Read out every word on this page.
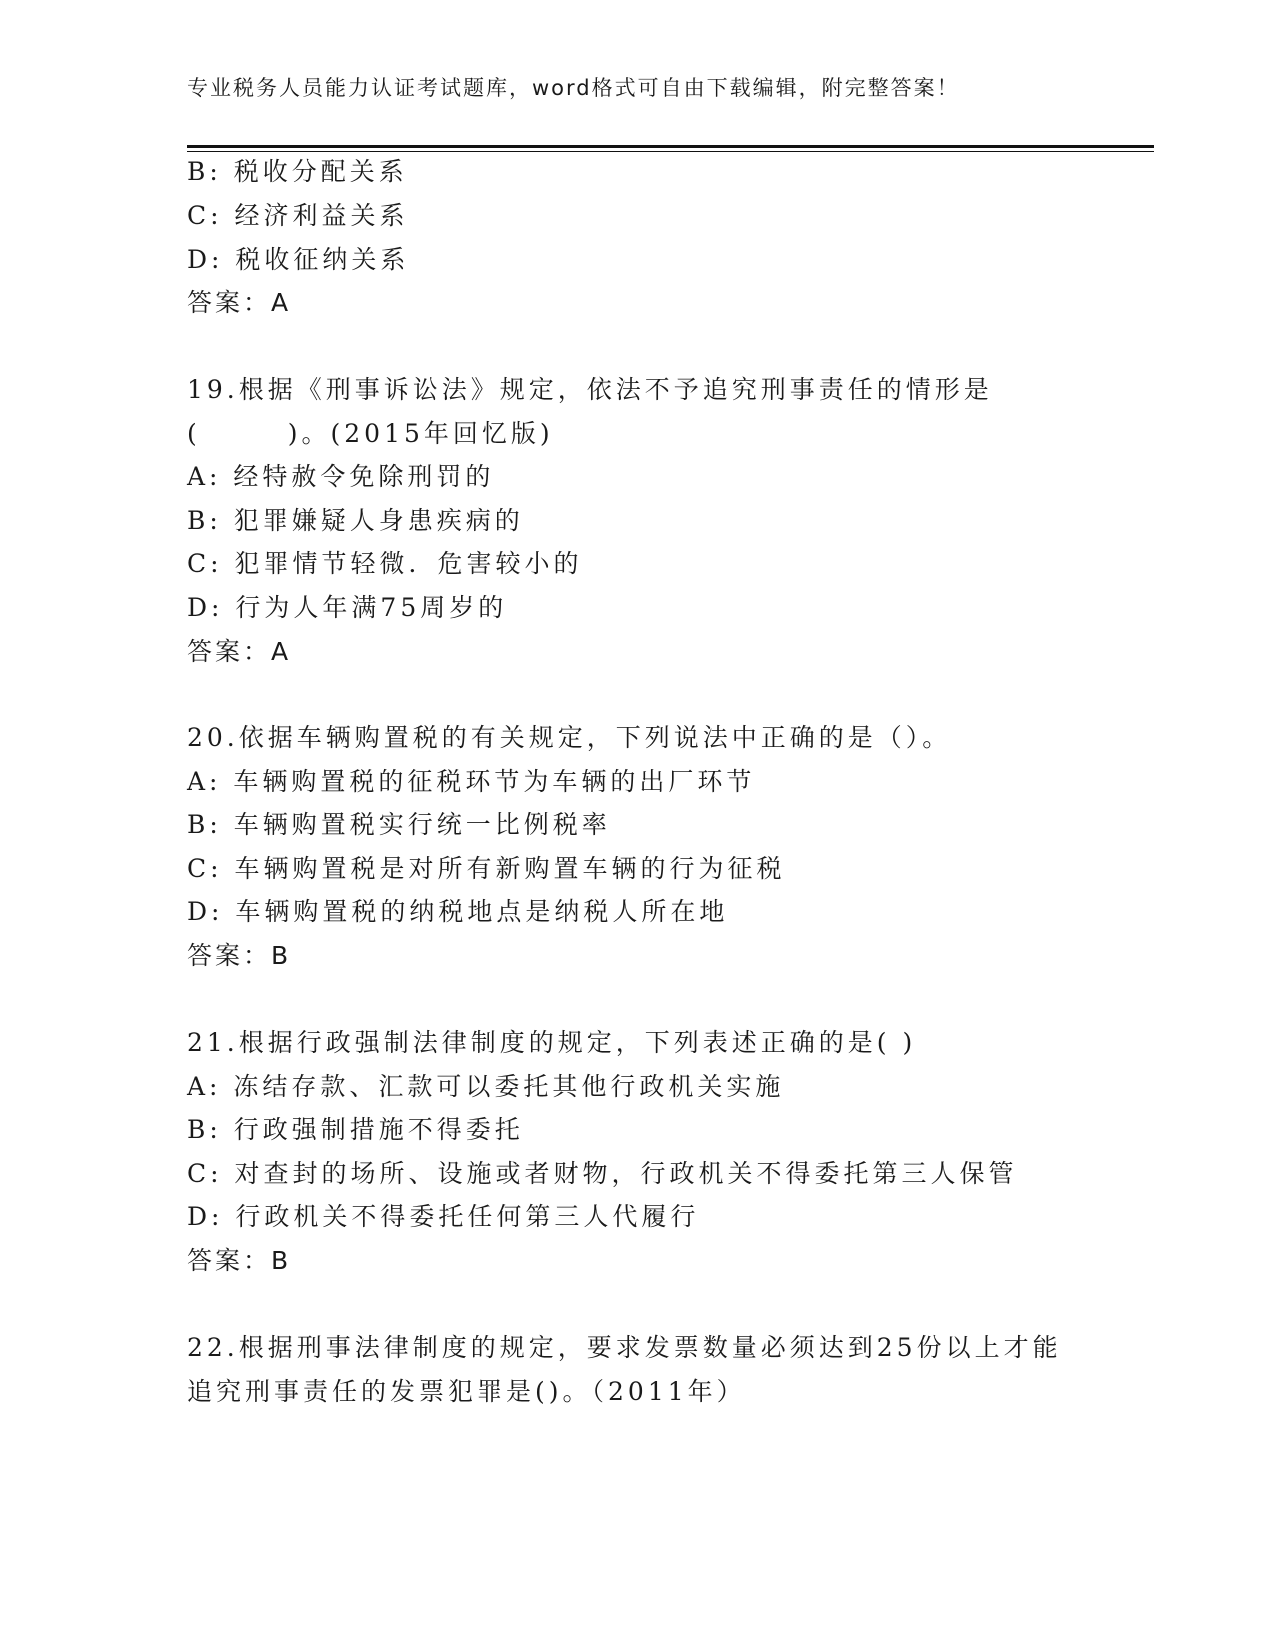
专业税务人员能力认证考试题库，word格式可自由下载编辑，附完整答案！
B: 税收分配关系
C: 经济利益关系
D: 税收征纳关系
答案：A
19.根据《刑事诉讼法》规定，依法不予追究刑事责任的情形是
(　　　)。(2015年回忆版)
A: 经特赦令免除刑罚的
B: 犯罪嫌疑人身患疾病的
C: 犯罪情节轻微．危害较小的
D: 行为人年满75周岁的
答案：A
20.依据车辆购置税的有关规定，下列说法中正确的是（）。
A: 车辆购置税的征税环节为车辆的出厂环节
B: 车辆购置税实行统一比例税率
C: 车辆购置税是对所有新购置车辆的行为征税
D: 车辆购置税的纳税地点是纳税人所在地
答案：B
21.根据行政强制法律制度的规定，下列表述正确的是( )
A: 冻结存款、汇款可以委托其他行政机关实施
B: 行政强制措施不得委托
C: 对查封的场所、设施或者财物，行政机关不得委托第三人保管
D: 行政机关不得委托任何第三人代履行
答案：B
22.根据刑事法律制度的规定，要求发票数量必须达到25份以上才能
追究刑事责任的发票犯罪是()。（2011年）
